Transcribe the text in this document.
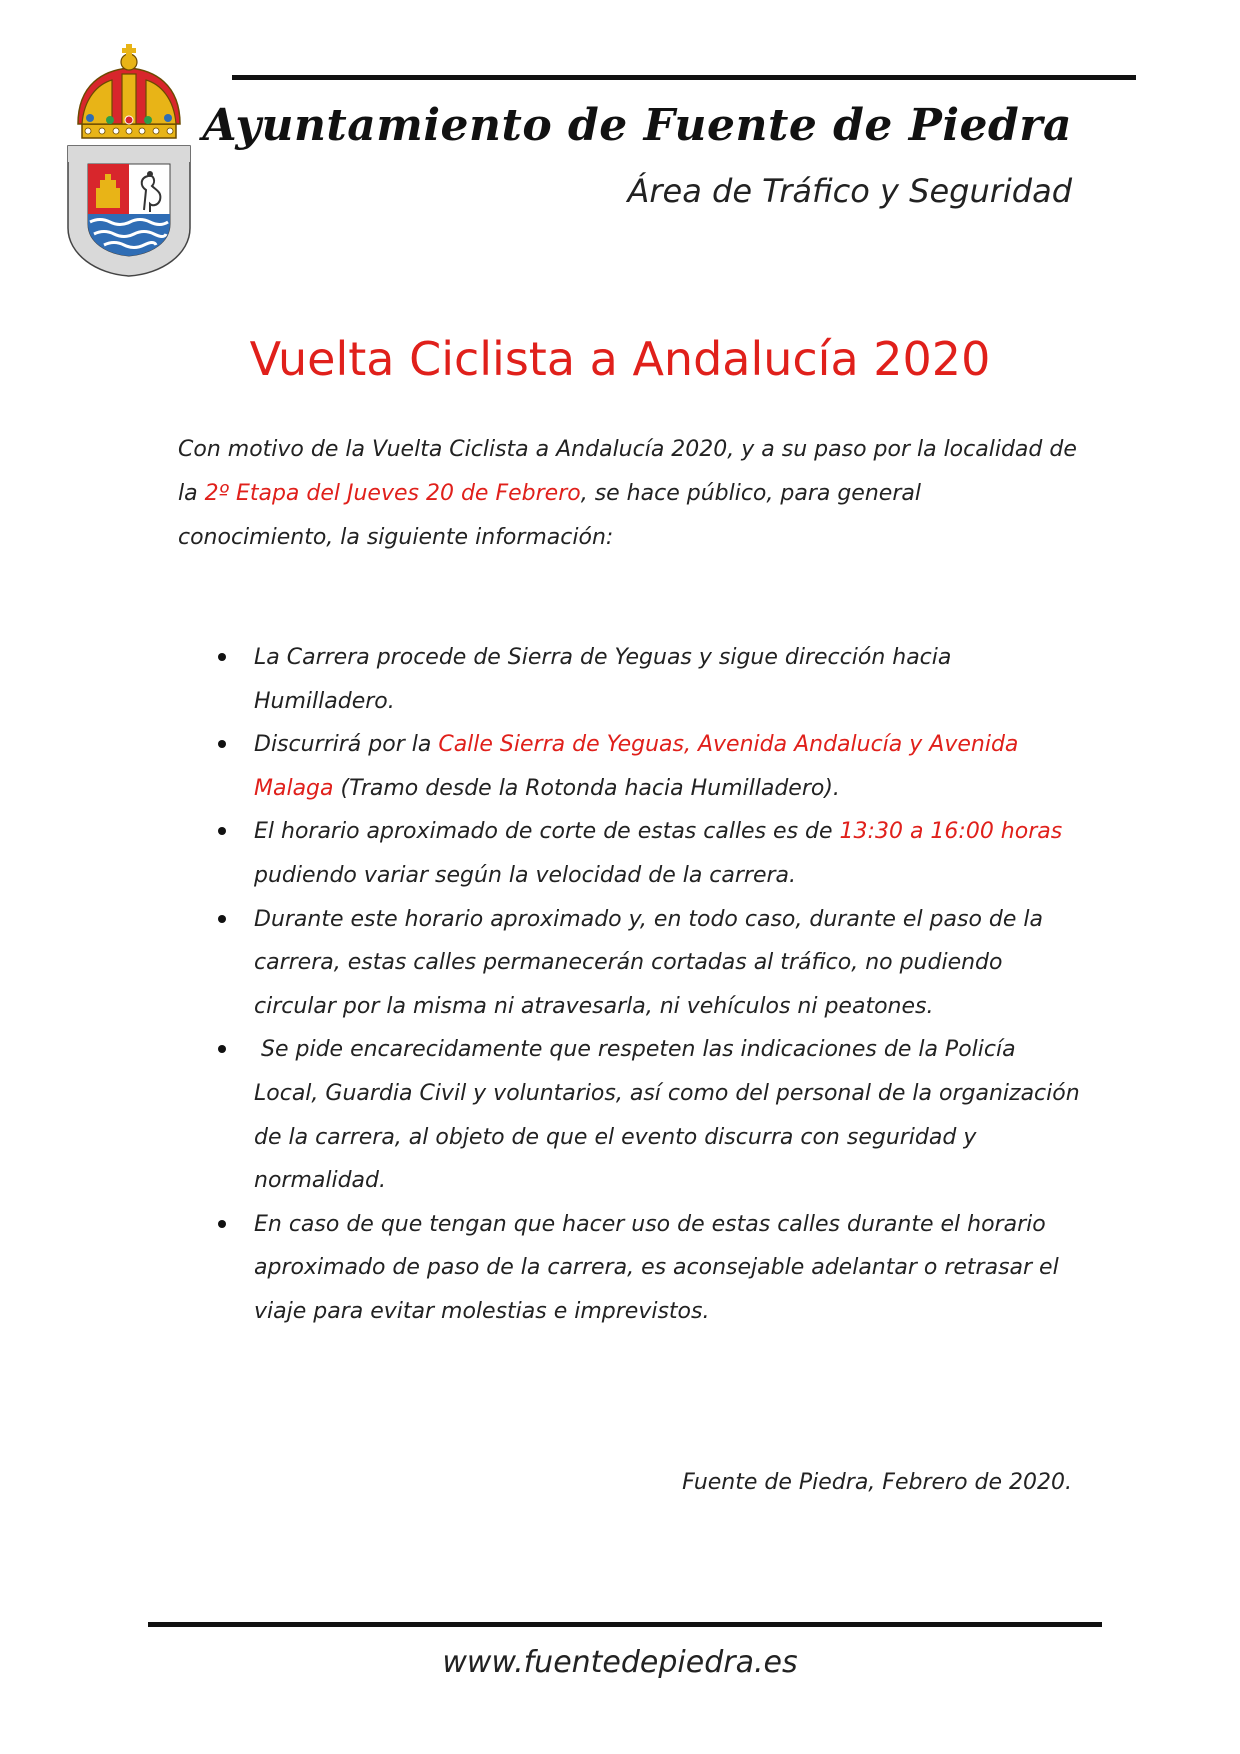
Ayuntamiento de Fuente de Piedra

Área de Tráfico y Seguridad

Vuelta Ciclista a Andalucía 2020

Con motivo de la Vuelta Ciclista a Andalucía 2020, y a su paso por la localidad de la 2º Etapa del Jueves 20 de Febrero, se hace público, para general conocimiento, la siguiente información:

La Carrera procede de Sierra de Yeguas y sigue dirección hacia Humilladero.
Discurrirá por la Calle Sierra de Yeguas, Avenida Andalucía y Avenida Malaga (Tramo desde la Rotonda hacia Humilladero).
El horario aproximado de corte de estas calles es de 13:30 a 16:00 horas pudiendo variar según la velocidad de la carrera.
Durante este horario aproximado y, en todo caso, durante el paso de la carrera, estas calles permanecerán cortadas al tráfico, no pudiendo circular por la misma ni atravesarla, ni vehículos ni peatones.
Se pide encarecidamente que respeten las indicaciones de la Policía Local, Guardia Civil y voluntarios, así como del personal de la organización de la carrera, al objeto de que el evento discurra con seguridad y normalidad.
En caso de que tengan que hacer uso de estas calles durante el horario aproximado de paso de la carrera, es aconsejable adelantar o retrasar el viaje para evitar molestias e imprevistos.

Fuente de Piedra, Febrero de 2020.

www.fuentedepiedra.es
